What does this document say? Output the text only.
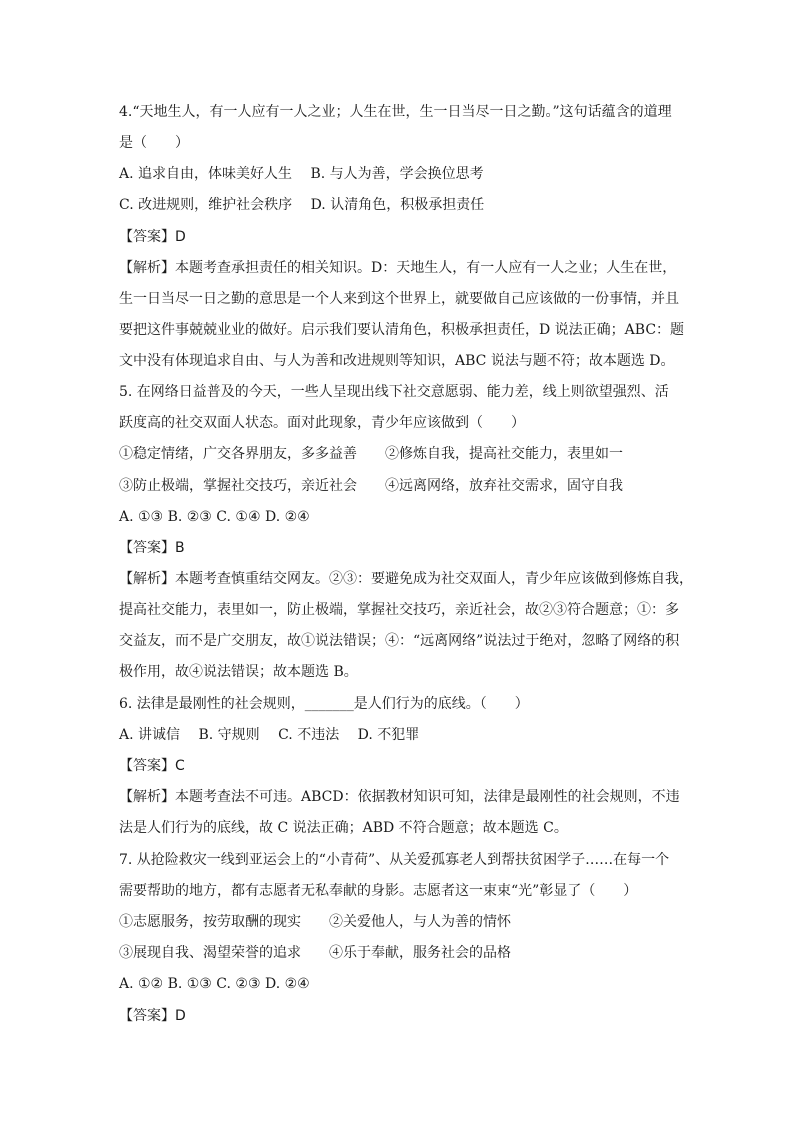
4.“天地生人，有一人应有一人之业；人生在世，生一日当尽一日之勤。”这句话蕴含的道理
是（　　）
A. 追求自由，体味美好人生　 B. 与人为善，学会换位思考
C. 改进规则，维护社会秩序　 D. 认清角色，积极承担责任
【答案】D
【解析】本题考查承担责任的相关知识。D：天地生人，有一人应有一人之业；人生在世，
生一日当尽一日之勤的意思是一个人来到这个世界上，就要做自己应该做的一份事情，并且
要把这件事兢兢业业的做好。启示我们要认清角色，积极承担责任，D 说法正确；ABC：题
文中没有体现追求自由、与人为善和改进规则等知识，ABC 说法与题不符；故本题选 D。
5. 在网络日益普及的今天，一些人呈现出线下社交意愿弱、能力差，线上则欲望强烈、活
跃度高的社交双面人状态。面对此现象，青少年应该做到（　　）
①稳定情绪，广交各界朋友，多多益善　　②修炼自我，提高社交能力，表里如一
③防止极端，掌握社交技巧，亲近社会　　④远离网络，放弃社交需求，固守自我
A. ①③ B. ②③ C. ①④ D. ②④
【答案】B
【解析】本题考查慎重结交网友。②③：要避免成为社交双面人，青少年应该做到修炼自我，
提高社交能力，表里如一，防止极端，掌握社交技巧，亲近社会，故②③符合题意；①：多
交益友，而不是广交朋友，故①说法错误；④：“远离网络”说法过于绝对，忽略了网络的积
极作用，故④说法错误；故本题选 B。
6. 法律是最刚性的社会规则，_______是人们行为的底线。（　　）
A. 讲诚信　 B. 守规则　 C. 不违法　 D. 不犯罪
【答案】C
【解析】本题考查法不可违。ABCD：依据教材知识可知，法律是最刚性的社会规则，不违
法是人们行为的底线，故 C 说法正确；ABD 不符合题意；故本题选 C。
7. 从抢险救灾一线到亚运会上的“小青荷”、从关爱孤寡老人到帮扶贫困学子……在每一个
需要帮助的地方，都有志愿者无私奉献的身影。志愿者这一束束“光”彰显了（　　）
①志愿服务，按劳取酬的现实　　②关爱他人，与人为善的情怀
③展现自我、渴望荣誉的追求　　④乐于奉献，服务社会的品格
A. ①② B. ①③ C. ②③ D. ②④
【答案】D
